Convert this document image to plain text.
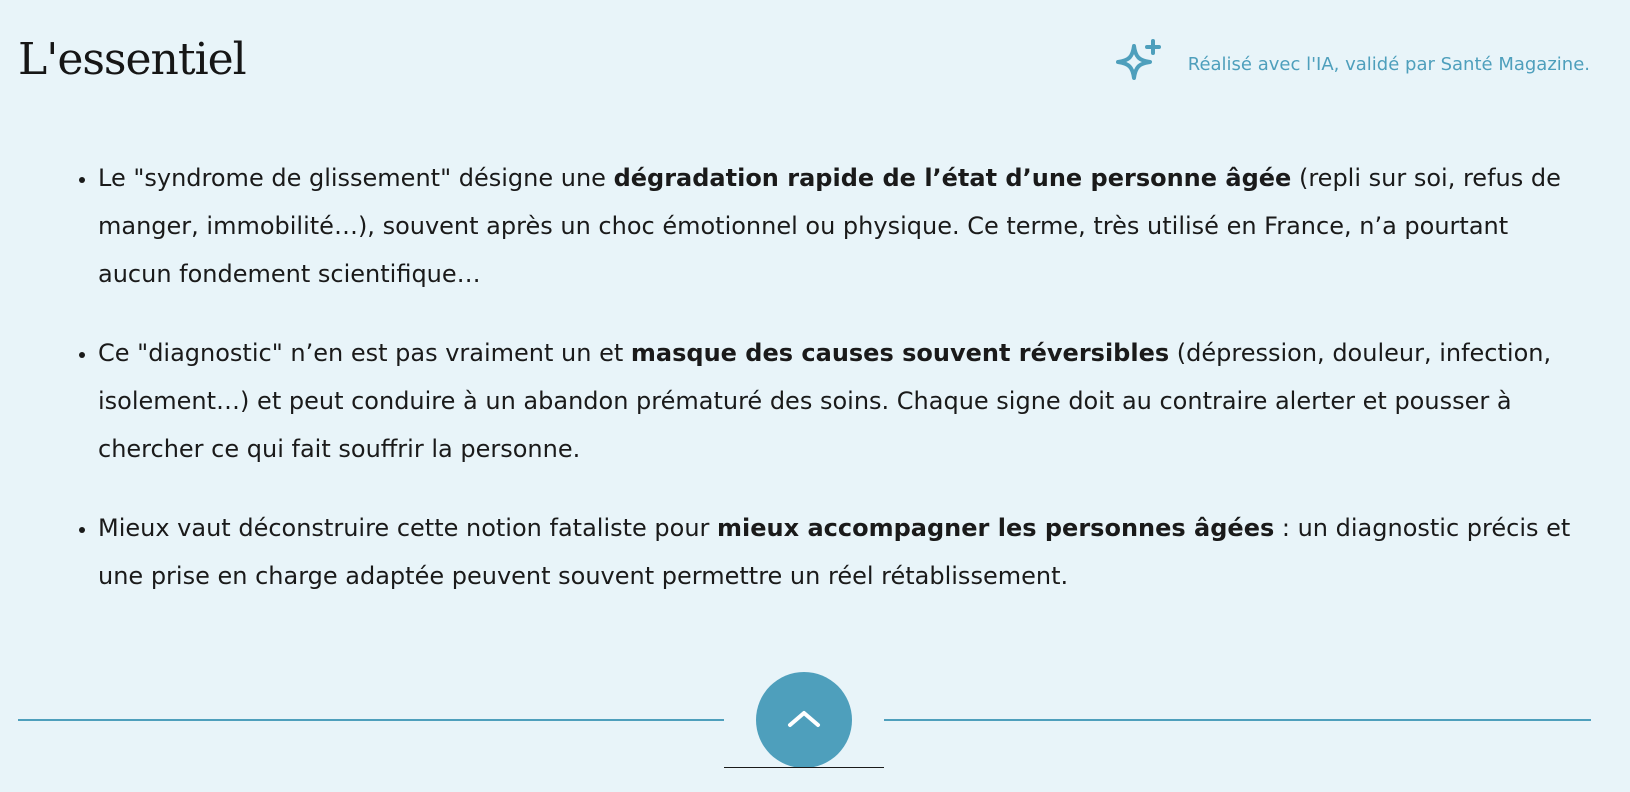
L'essentiel	Réalisé avec l'IA, validé par Santé Magazine.
• Le "syndrome de glissement" désigne une dégradation rapide de l’état d’une personne âgée (repli sur soi, refus de manger, immobilité…), souvent après un choc émotionnel ou physique. Ce terme, très utilisé en France, n’a pourtant aucun fondement scientifique…
• Ce "diagnostic" n’en est pas vraiment un et masque des causes souvent réversibles (dépression, douleur, infection, isolement…) et peut conduire à un abandon prématuré des soins. Chaque signe doit au contraire alerter et pousser à chercher ce qui fait souffrir la personne.
• Mieux vaut déconstruire cette notion fataliste pour mieux accompagner les personnes âgées : un diagnostic précis et une prise en charge adaptée peuvent souvent permettre un réel rétablissement.
